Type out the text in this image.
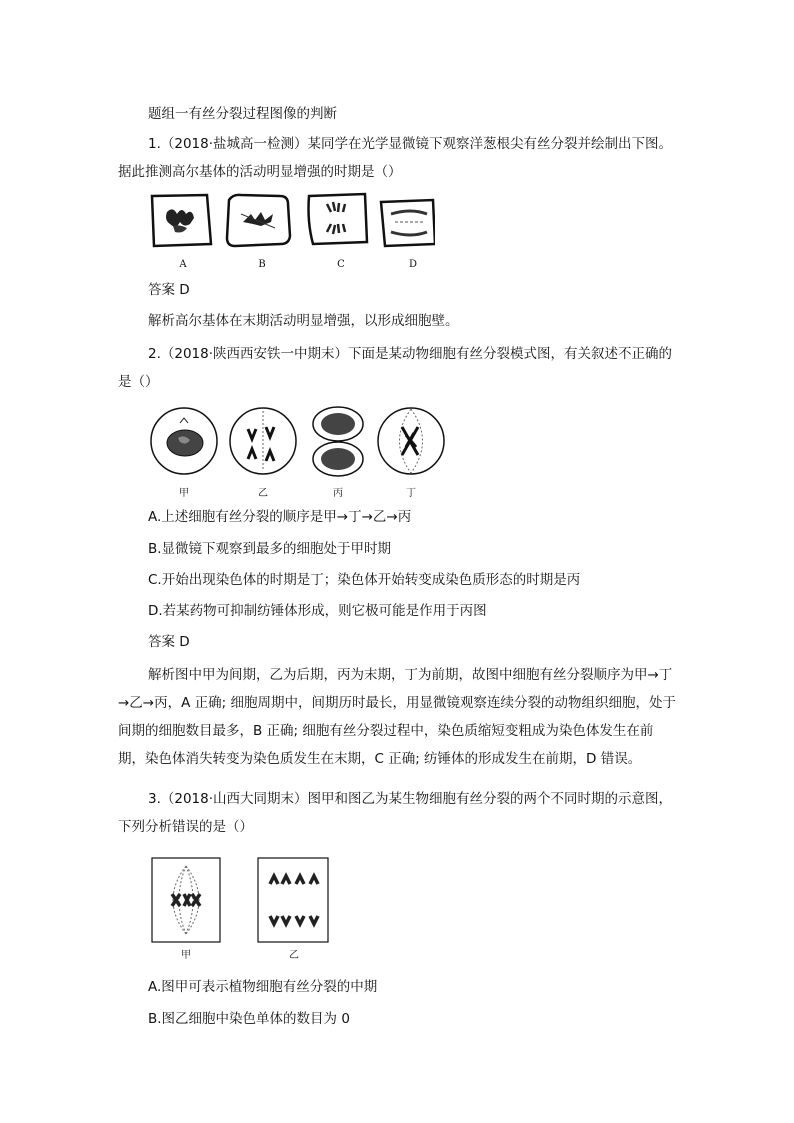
题组一有丝分裂过程图像的判断

1.（2018·盐城高一检测）某同学在光学显微镜下观察洋葱根尖有丝分裂并绘制出下图。据此推测高尔基体的活动明显增强的时期是（）

A	B	C	D

答案 D

解析高尔基体在末期活动明显增强，以形成细胞壁。

2.（2018·陕西西安铁一中期末）下面是某动物细胞有丝分裂模式图，有关叙述不正确的是（）

甲	乙	丙	丁

A.上述细胞有丝分裂的顺序是甲→丁→乙→丙

B.显微镜下观察到最多的细胞处于甲时期

C.开始出现染色体的时期是丁；染色体开始转变成染色质形态的时期是丙

D.若某药物可抑制纺锤体形成，则它极可能是作用于丙图

答案 D

解析图中甲为间期，乙为后期，丙为末期，丁为前期，故图中细胞有丝分裂顺序为甲→丁→乙→丙，A 正确; 细胞周期中，间期历时最长，用显微镜观察连续分裂的动物组织细胞，处于间期的细胞数目最多，B 正确; 细胞有丝分裂过程中，染色质缩短变粗成为染色体发生在前期，染色体消失转变为染色质发生在末期，C 正确; 纺锤体的形成发生在前期，D 错误。

3.（2018·山西大同期末）图甲和图乙为某生物细胞有丝分裂的两个不同时期的示意图，下列分析错误的是（）

甲	乙

A.图甲可表示植物细胞有丝分裂的中期

B.图乙细胞中染色单体的数目为 0
